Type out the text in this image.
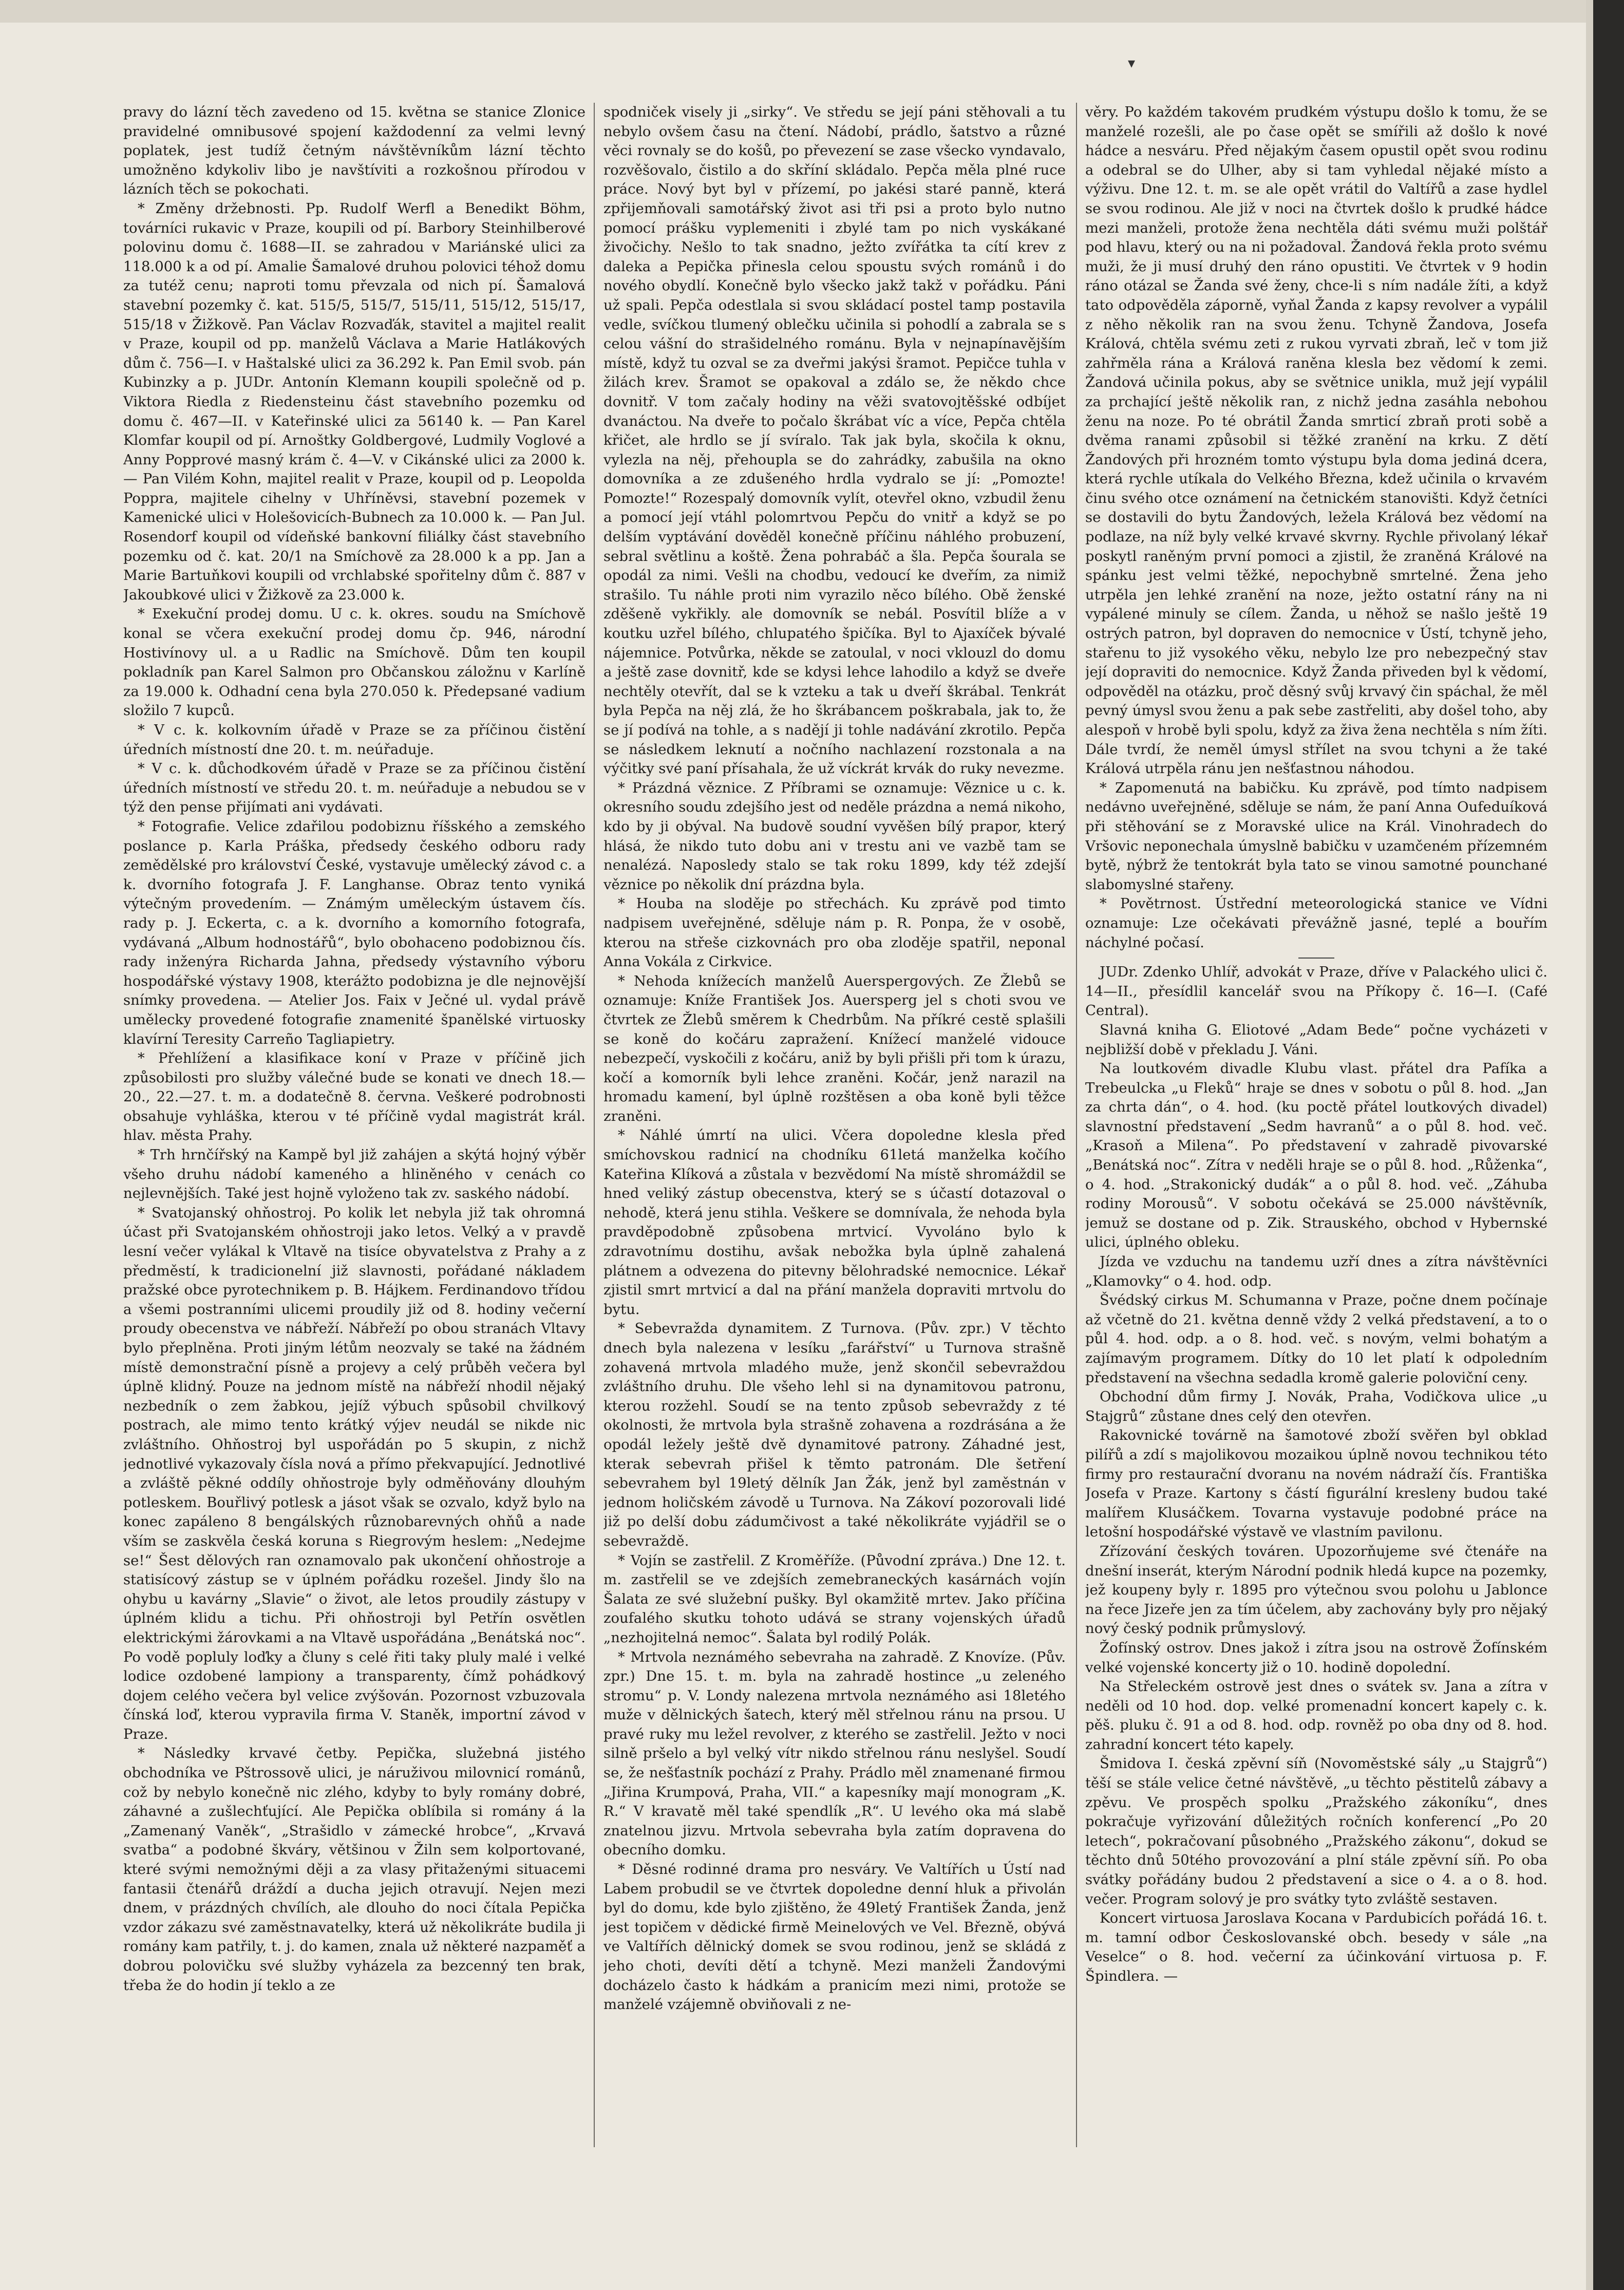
▾

pravy do lázní těch zavedeno od 15. května se stanice Zlonice pravidelné omnibusové spojení každodenní za velmi levný poplatek, jest tudíž četným návštěvníkům lázní těchto umožněno kdykoliv libo je navštíviti a rozkošnou přírodou v lázních těch se pokochati.

* Změny držebnosti. Pp. Rudolf Werfl a Benedikt Böhm, továrníci rukavic v Praze, koupili od pí. Barbory Steinhilberové polovinu domu č. 1688—II. se zahradou v Mariánské ulici za 118.000 k a od pí. Amalie Šamalové druhou polovici téhož domu za tutéž cenu; naproti tomu převzala od nich pí. Šamalová stavební pozemky č. kat. 515/5, 515/7, 515/11, 515/12, 515/17, 515/18 v Žižkově. Pan Václav Rozvaďák, stavitel a majitel realit v Praze, koupil od pp. manželů Václava a Marie Hatlákových dům č. 756—I. v Haštalské ulici za 36.292 k. Pan Emil svob. pán Kubinzky a p. JUDr. Antonín Klemann koupili společně od p. Viktora Riedla z Riedensteinu část stavebního pozemku od domu č. 467—II. v Kateřinské ulici za 56140 k. — Pan Karel Klomfar koupil od pí. Arnoštky Goldbergové, Ludmily Voglové a Anny Popprové masný krám č. 4—V. v Cikánské ulici za 2000 k. — Pan Vilém Kohn, majitel realit v Praze, koupil od p. Leopolda Poppra, majitele cihelny v Uhříněvsi, stavební pozemek v Kamenické ulici v Holešovicích-Bubnech za 10.000 k. — Pan Jul. Rosendorf koupil od vídeňské bankovní filiálky část stavebního pozemku od č. kat. 20/1 na Smíchově za 28.000 k a pp. Jan a Marie Bartuňkovi koupili od vrchlabské spořitelny dům č. 887 v Jakoubkové ulici v Žižkově za 23.000 k.

* Exekuční prodej domu. U c. k. okres. soudu na Smíchově konal se včera exekuční prodej domu čp. 946, národní Hostivínovy ul. a u Radlic na Smíchově. Dům ten koupil pokladník pan Karel Salmon pro Občanskou záložnu v Karlíně za 19.000 k. Odhadní cena byla 270.050 k. Předepsané vadium složilo 7 kupců.

* V c. k. kolkovním úřadě v Praze se za příčinou čistění úředních místností dne 20. t. m. neúřaduje.

* V c. k. důchodkovém úřadě v Praze se za příčinou čistění úředních místností ve středu 20. t. m. neúřaduje a nebudou se v týž den pense přijímati ani vydávati.

* Fotografie. Velice zdařilou podobiznu říšského a zemského poslance p. Karla Práška, předsedy českého odboru rady zemědělské pro království České, vystavuje umělecký závod c. a k. dvorního fotografa J. F. Langhanse. Obraz tento vyniká výtečným provedením. — Známým uměleckým ústavem čís. rady p. J. Eckerta, c. a k. dvorního a komorního fotografa, vydávaná „Album hodnostářů“, bylo obohaceno podobiznou čís. rady inženýra Richarda Jahna, předsedy výstavního výboru hospodářské výstavy 1908, kterážto podobizna je dle nejnovější snímky provedena. — Atelier Jos. Faix v Ječné ul. vydal právě umělecky provedené fotografie znamenité španělské virtuosky klavírní Teresity Carreño Tagliapietry.

* Přehlížení a klasifikace koní v Praze v příčině jich způsobilosti pro služby válečné bude se konati ve dnech 18.—20., 22.—27. t. m. a dodatečně 8. června. Veškeré podrobnosti obsahuje vyhláška, kterou v té příčině vydal magistrát král. hlav. města Prahy.

* Trh hrnčířský na Kampě byl již zahájen a skýtá hojný výběr všeho druhu nádobí kameného a hliněného v cenách co nejlevnějších. Také jest hojně vyloženo tak zv. saského nádobí.

* Svatojanský ohňostroj. Po kolik let nebyla již tak ohromná účast při Svatojanském ohňostroji jako letos. Velký a v pravdě lesní večer vylákal k Vltavě na tisíce obyvatelstva z Prahy a z předměstí, k tradicionelní již slavnosti, pořádané nákladem pražské obce pyrotechnikem p. B. Hájkem. Ferdinandovo třídou a všemi postranními ulicemi proudily již od 8. hodiny večerní proudy obecenstva ve nábřeží. Nábřeží po obou stranách Vltavy bylo přeplněna. Proti jiným létům neozvaly se také na žádném místě demonstrační písně a projevy a celý průběh večera byl úplně klidný. Pouze na jednom místě na nábřeží nhodil nějaký nezbedník o zem žabkou, jejíž výbuch spůsobil chvilkový postrach, ale mimo tento krátký výjev neudál se nikde nic zvláštního. Ohňostroj byl uspořádán po 5 skupin, z nichž jednotlivé vykazovaly čísla nová a přímo překvapující. Jednotlivé a zvláště pěkné oddíly ohňostroje byly odměňovány dlouhým potleskem. Bouřlivý potlesk a jásot však se ozvalo, když bylo na konec zapáleno 8 bengálských různobarevných ohňů a nade vším se zaskvěla česká koruna s Riegrovým heslem: „Nedejme se!“ Šest dělových ran oznamovalo pak ukončení ohňostroje a statisícový zástup se v úplném pořádku rozešel. Jindy šlo na ohybu u kavárny „Slavie“ o život, ale letos proudily zástupy v úplném klidu a tichu. Při ohňostroji byl Petřín osvětlen elektrickými žárovkami a na Vltavě uspořádána „Benátská noc“. Po vodě popluly loďky a čluny s celé řiti taky pluly malé i velké lodice ozdobené lampiony a transparenty, čímž pohádkový dojem celého večera byl velice zvýšován. Pozornost vzbuzovala čínská loď, kterou vypravila firma V. Staněk, importní závod v Praze.

* Následky krvavé četby. Pepička, služebná jistého obchodníka ve Pštrossově ulici, je náruživou milovnicí románů, což by nebylo konečně nic zlého, kdyby to byly romány dobré, záhavné a zušlechťující. Ale Pepička oblíbila si romány á la „Zamenaný Vaněk“, „Strašidlo v zámecké hrobce“, „Krvavá svatba“ a podobné škváry, většinou v Žiln sem kolportované, které svými nemožnými ději a za vlasy přitaženými situacemi fantasii čtenářů dráždí a ducha jejich otravují. Nejen mezi dnem, v prázdných chvílích, ale dlouho do noci čítala Pepička vzdor zákazu své zaměstnavatelky, která už několikráte budila ji romány kam patřily, t. j. do kamen, znala už některé nazpaměť a dobrou polovičku své služby vyházela za bezcenný ten brak, třeba že do hodin jí teklo a ze

spodniček visely ji „sirky“. Ve středu se její páni stěhovali a tu nebylo ovšem času na čtení. Nádobí, prádlo, šatstvo a různé věci rovnaly se do košů, po převezení se zase všecko vyndavalo, rozvěšovalo, čistilo a do skříní skládalo. Pepča měla plné ruce práce. Nový byt byl v přízemí, po jakési staré panně, která zpřijemňovali samotářský život asi tři psi a proto bylo nutno pomocí prášku vyplemeniti i zbylé tam po nich vyskákané živočichy. Nešlo to tak snadno, ježto zvířátka ta cítí krev z daleka a Pepička přinesla celou spoustu svých románů i do nového obydlí. Konečně bylo všecko jakž takž v pořádku. Páni už spali. Pepča odestlala si svou skládací postel tamp postavila vedle, svíčkou tlumený oblečku učinila si pohodlí a zabrala se s celou vášní do strašidelného románu. Byla v nejnapínavějším místě, když tu ozval se za dveřmi jakýsi šramot. Pepičce tuhla v žilách krev. Šramot se opakoval a zdálo se, že někdo chce dovnitř. V tom začaly hodiny na věži svatovojtěšské odbíjet dvanáctou. Na dveře to počalo škrábat víc a více, Pepča chtěla křičet, ale hrdlo se jí svíralo. Tak jak byla, skočila k oknu, vylezla na něj, přehoupla se do zahrádky, zabušila na okno domovníka a ze zdušeného hrdla vydralo se jí: „Pomozte! Pomozte!“ Rozespalý domovník vylít, otevřel okno, vzbudil ženu a pomocí její vtáhl polomrtvou Pepču do vnitř a když se po delším vyptávání dověděl konečně příčinu náhlého probuzení, sebral světlinu a koště. Žena pohrabáč a šla. Pepča šourala se opodál za nimi. Vešli na chodbu, vedoucí ke dveřím, za nimiž strašilo. Tu náhle proti nim vyrazilo něco bílého. Obě ženské zděšeně vykřikly. ale domovník se nebál. Posvítil blíže a v koutku uzřel bílého, chlupatého špičíka. Byl to Ajaxíček bývalé nájemnice. Potvůrka, někde se zatoulal, v noci vklouzl do domu a ještě zase dovnitř, kde se kdysi lehce lahodilo a když se dveře nechtěly otevřít, dal se k vzteku a tak u dveří škrábal. Tenkrát byla Pepča na něj zlá, že ho škrábancem poškrabala, jak to, že se jí podívá na tohle, a s nadějí ji tohle nadávání zkrotilo. Pepča se následkem leknutí a nočního nachlazení rozstonala a na výčitky své paní přísahala, že už víckrát krvák do ruky nevezme.

* Prázdná věznice. Z Příbrami se oznamuje: Věznice u c. k. okresního soudu zdejšího jest od neděle prázdna a nemá nikoho, kdo by ji obýval. Na budově soudní vyvěšen bílý prapor, který hlásá, že nikdo tuto dobu ani v trestu ani ve vazbě tam se nenalézá. Naposledy stalo se tak roku 1899, kdy též zdejší věznice po několik dní prázdna byla.

* Houba na sloděje po střechách. Ku zprávě pod timto nadpisem uveřejněné, sděluje nám p. R. Ponpa, že v osobě, kterou na střeše cizkovnách pro oba zloděje spatřil, neponal Anna Vokála z Cirkvice.

* Nehoda knížecích manželů Auerspergových. Ze Žlebů se oznamuje: Kníže František Jos. Auersperg jel s choti svou ve čtvrtek ze Žlebů směrem k Chedrbům. Na příkré cestě splašili se koně do kočáru zapražení. Knížecí manželé vidouce nebezpečí, vyskočili z kočáru, aniž by byli přišli při tom k úrazu, kočí a komorník byli lehce zraněni. Kočár, jenž narazil na hromadu kamení, byl úplně rozštěsen a oba koně byli těžce zraněni.

* Náhlé úmrtí na ulici. Včera dopoledne klesla před smíchovskou radnicí na chodníku 61letá manželka kočího Kateřina Klíková a zůstala v bezvědomí Na místě shromáždil se hned veliký zástup obecenstva, který se s účastí dotazoval o nehodě, která jenu stihla. Veškere se domnívala, že nehoda byla pravděpodobně způsobena mrtvicí. Vyvoláno bylo k zdravotnímu dostihu, avšak nebožka byla úplně zahalená plátnem a odvezena do pitevny bělohradské nemocnice. Lékař zjistil smrt mrtvicí a dal na přání manžela dopraviti mrtvolu do bytu.

* Sebevražda dynamitem. Z Turnova. (Pův. zpr.) V těchto dnech byla nalezena v lesíku „farářství“ u Turnova strašně zohavená mrtvola mladého muže, jenž skončil sebevraždou zvláštního druhu. Dle všeho lehl si na dynamitovou patronu, kterou rozžehl. Soudí se na tento způsob sebevraždy z té okolnosti, že mrtvola byla strašně zohavena a rozdrásána a že opodál ležely ještě dvě dynamitové patrony. Záhadné jest, kterak sebevrah přišel k těmto patronám. Dle šetření sebevrahem byl 19letý dělník Jan Žák, jenž byl zaměstnán v jednom holičském závodě u Turnova. Na Zákoví pozorovali lidé již po delší dobu zádumčivost a také několikráte vyjádřil se o sebevraždě.

* Vojín se zastřelil. Z Kroměříže. (Původní zpráva.) Dne 12. t. m. zastřelil se ve zdejších zemebraneckých kasárnách vojín Šalata ze své služební pušky. Byl okamžitě mrtev. Jako příčina zoufalého skutku tohoto udává se strany vojenských úřadů „nezhojitelná nemoc“. Šalata byl rodilý Polák.

* Mrtvola neznámého sebevraha na zahradě. Z Knovíze. (Pův. zpr.) Dne 15. t. m. byla na zahradě hostince „u zeleného stromu“ p. V. Londy nalezena mrtvola neznámého asi 18letého muže v dělnických šatech, který měl střelnou ránu na prsou. U pravé ruky mu ležel revolver, z kterého se zastřelil. Ježto v noci silně pršelo a byl velký vítr nikdo střelnou ránu neslyšel. Soudí se, že nešťastník pochází z Prahy. Prádlo měl znamenané firmou „Jiřina Krumpová, Praha, VII.“ a kapesníky mají monogram „K. R.“ V kravatě měl také spendlík „R“. U levého oka má slabě znatelnou jizvu. Mrtvola sebevraha byla zatím dopravena do obecního domku.

* Děsné rodinné drama pro nesváry. Ve Valtířích u Ústí nad Labem probudil se ve čtvrtek dopoledne denní hluk a přivolán byl do domu, kde bylo zjištěno, že 49letý František Žanda, jenž jest topičem v dědické firmě Meinelových ve Vel. Březně, obývá ve Valtířích dělnický domek se svou rodinou, jenž se skládá z jeho choti, devíti dětí a tchyně. Mezi manželi Žandovými docházelo často k hádkám a pranicím mezi nimi, protože se manželé vzájemně obviňovali z ne-

věry. Po každém takovém prudkém výstupu došlo k tomu, že se manželé rozešli, ale po čase opět se smířili až došlo k nové hádce a nesváru. Před nějakým časem opustil opět svou rodinu a odebral se do Ulher, aby si tam vyhledal nějaké místo a výživu. Dne 12. t. m. se ale opět vrátil do Valtířů a zase hydlel se svou rodinou. Ale již v noci na čtvrtek došlo k prudké hádce mezi manželi, protože žena nechtěla dáti svému muži polštář pod hlavu, který ou na ni požadoval. Žandová řekla proto svému muži, že ji musí druhý den ráno opustiti. Ve čtvrtek v 9 hodin ráno otázal se Žanda své ženy, chce-li s ním nadále žíti, a když tato odpověděla záporně, vyňal Žanda z kapsy revolver a vypálil z něho několik ran na svou ženu. Tchyně Žandova, Josefa Králová, chtěla svému zeti z rukou vyrvati zbraň, leč v tom již zahřměla rána a Králová raněna klesla bez vědomí k zemi. Žandová učinila pokus, aby se světnice unikla, muž její vypálil za prchající ještě několik ran, z nichž jedna zasáhla nebohou ženu na noze. Po té obrátil Žanda smrticí zbraň proti sobě a dvěma ranami způsobil si těžké zranění na krku. Z dětí Žandových při hrozném tomto výstupu byla doma jediná dcera, která rychle utíkala do Velkého Března, kdež učinila o krvavém činu svého otce oznámení na četnickém stanovišti. Když četníci se dostavili do bytu Žandových, ležela Králová bez vědomí na podlaze, na níž byly velké krvavé skvrny. Rychle přivolaný lékař poskytl raněným první pomoci a zjistil, že zraněná Králové na spánku jest velmi těžké, nepochybně smrtelné. Žena jeho utrpěla jen lehké zranění na noze, ježto ostatní rány na ni vypálené minuly se cílem. Žanda, u něhož se našlo ještě 19 ostrých patron, byl dopraven do nemocnice v Ústí, tchyně jeho, stařenu to již vysokého věku, nebylo lze pro nebezpečný stav její dopraviti do nemocnice. Když Žanda přiveden byl k vědomí, odpověděl na otázku, proč děsný svůj krvavý čin spáchal, že měl pevný úmysl svou ženu a pak sebe zastřeliti, aby došel toho, aby alespoň v hrobě byli spolu, když za živa žena nechtěla s ním žíti. Dále tvrdí, že neměl úmysl střílet na svou tchyni a že také Králová utrpěla ránu jen nešťastnou náhodou.

* Zapomenutá na babičku. Ku zprávě, pod tímto nadpisem nedávno uveřejněné, sděluje se nám, že paní Anna Oufeduíková při stěhování se z Moravské ulice na Král. Vinohradech do Vršovic neponechala úmyslně babičku v uzamčeném přízemném bytě, nýbrž že tentokrát byla tato se vinou samotné pounchané slabomyslné stařeny.

* Povětrnost. Ústřední meteorologická stanice ve Vídni oznamuje: Lze očekávati převážně jasné, teplé a bouřím náchylné počasí.

JUDr. Zdenko Uhlíř, advokát v Praze, dříve v Palackého ulici č. 14—II., přesídlil kancelář svou na Příkopy č. 16—I. (Café Central).

Slavná kniha G. Eliotové „Adam Bede“ počne vycházeti v nejbližší době v překladu J. Váni.

Na loutkovém divadle Klubu vlast. přátel dra Pafíka a Trebeulcka „u Fleků“ hraje se dnes v sobotu o půl 8. hod. „Jan za chrta dán“, o 4. hod. (ku poctě přátel loutkových divadel) slavnostní představení „Sedm havranů“ a o půl 8. hod. več. „Krasoň a Milena“. Po představení v zahradě pivovarské „Benátská noc“. Zítra v neděli hraje se o půl 8. hod. „Růženka“, o 4. hod. „Strakonický dudák“ a o půl 8. hod. več. „Záhuba rodiny Morousů“. V sobotu očekává se 25.000 návštěvník, jemuž se dostane od p. Zik. Strauského, obchod v Hybernské ulici, úplného obleku.

Jízda ve vzduchu na tandemu uzří dnes a zítra návštěvníci „Klamovky“ o 4. hod. odp.

Švédský cirkus M. Schumanna v Praze, počne dnem počínaje až včetně do 21. května denně vždy 2 velká představení, a to o půl 4. hod. odp. a o 8. hod. več. s novým, velmi bohatým a zajímavým programem. Dítky do 10 let platí k odpoledním představení na všechna sedadla kromě galerie poloviční ceny.

Obchodní dům firmy J. Novák, Praha, Vodičkova ulice „u Stajgrů“ zůstane dnes celý den otevřen.

Rakovnické továrně na šamotové zboží svěřen byl obklad pilířů a zdí s majolikovou mozaikou úplně novou technikou této firmy pro restaurační dvoranu na novém nádraží čís. Františka Josefa v Praze. Kartony s částí figurální kresleny budou také malířem Klusáčkem. Tovarna vystavuje podobné práce na letošní hospodářské výstavě ve vlastním pavilonu.

Zřízování českých továren. Upozorňujeme své čtenáře na dnešní inserát, kterým Národní podnik hledá kupce na pozemky, jež koupeny byly r. 1895 pro výtečnou svou polohu u Jablonce na řece Jizeře jen za tím účelem, aby zachovány byly pro nějaký nový český podnik průmyslový.

Žofínský ostrov. Dnes jakož i zítra jsou na ostrově Žofínském velké vojenské koncerty již o 10. hodině dopolední.

Na Střeleckém ostrově jest dnes o svátek sv. Jana a zítra v neděli od 10 hod. dop. velké promenadní koncert kapely c. k. pěš. pluku č. 91 a od 8. hod. odp. rovněž po oba dny od 8. hod. zahradní koncert této kapely.

Šmidova I. česká zpěvní síň (Novoměstské sály „u Stajgrů“) těší se stále velice četné návštěvě, „u těchto pěstitelů zábavy a zpěvu. Ve prospěch spolku „Pražského zákoníku“, dnes pokračuje vyřizování důležitých ročních konferencí „Po 20 letech“, pokračovaní působného „Pražského zákonu“, dokud se těchto dnů 50tého provozování a plní stále zpěvní síň. Po oba svátky pořádány budou 2 představení a sice o 4. a o 8. hod. večer. Program solový je pro svátky tyto zvláště sestaven.

Koncert virtuosa Jaroslava Kocana v Pardubicích pořádá 16. t. m. tamní odbor Českoslovanské obch. besedy v sále „na Veselce“ o 8. hod. večerní za účinkování virtuosa p. F. Špindlera. —
